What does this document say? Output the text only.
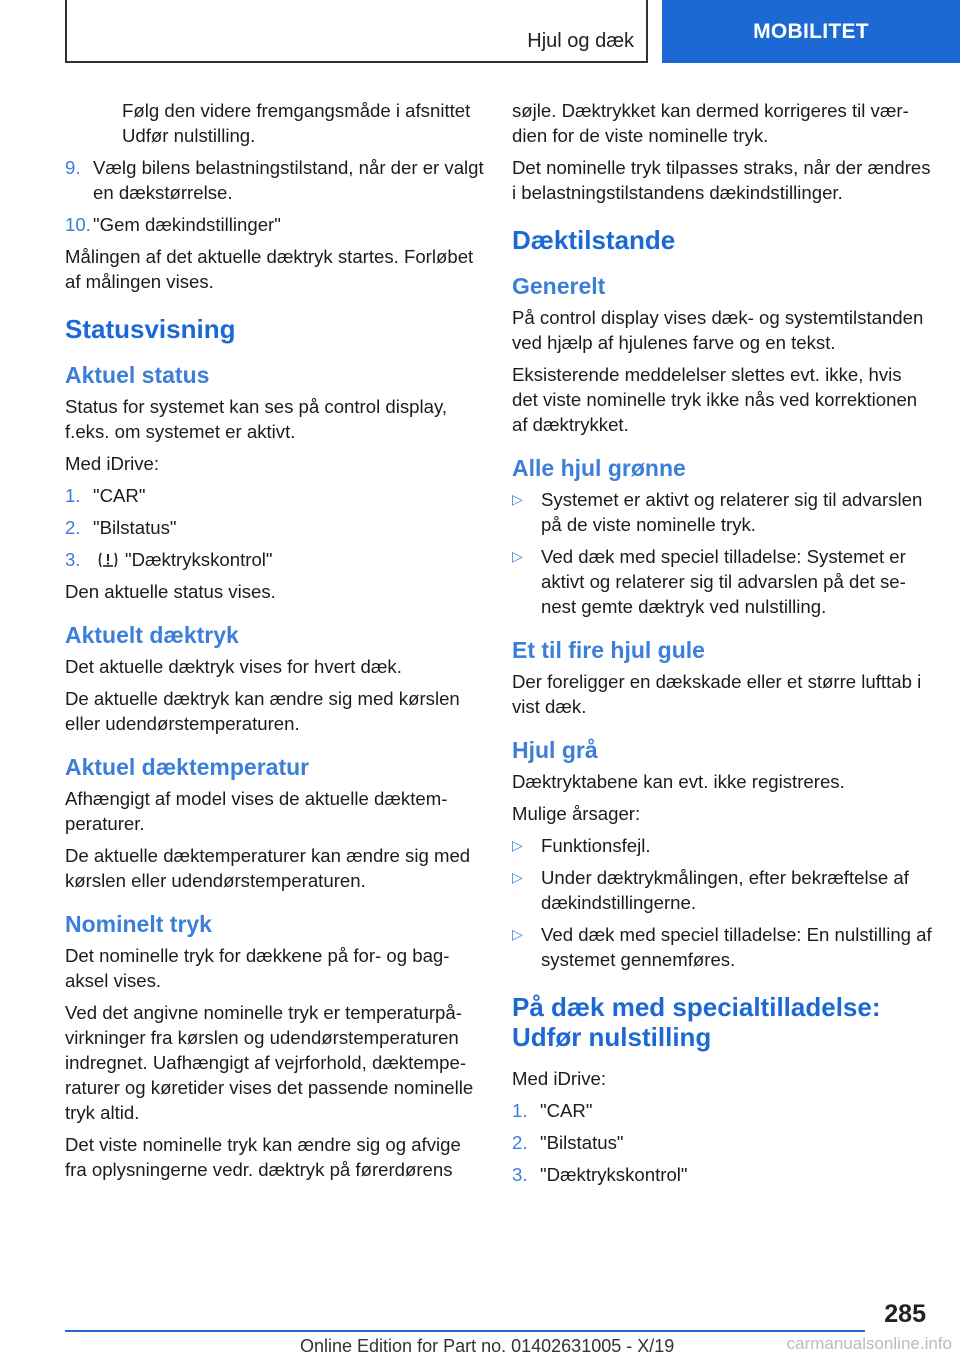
Hjul og dæk	MOBILITET
Følg den videre fremgangsmåde i afsnittet Udfør nulstilling.
9. Vælg bilens belastningstilstand, når der er valgt en dækstørrelse.
10. "Gem dækindstillinger"

Målingen af det aktuelle dæktryk startes. Forløbet af målingen vises.

Statusvisning
Aktuel status

Status for systemet kan ses på control display, f.eks. om systemet er aktivt.

Med iDrive:

1. "CAR"
2. "Bilstatus"
3.	"Dæktrykskontrol"

Den aktuelle status vises.

Aktuelt dæktryk

Det aktuelle dæktryk vises for hvert dæk.

De aktuelle dæktryk kan ændre sig med kørslen eller udendørstemperaturen.

Aktuel dæktemperatur

Afhængigt af model vises de aktuelle dæktemperaturer.

De aktuelle dæktemperaturer kan ændre sig med kørslen eller udendørstemperaturen.

Nominelt tryk

Det nominelle tryk for dækkene på for- og bagaksel vises.

Ved det angivne nominelle tryk er temperaturpåvirkninger fra kørslen og udendørstemperaturen indregnet. Uafhængigt af vejrforhold, dæktemperaturer og køretider vises det passende nominelle tryk altid.

Det viste nominelle tryk kan ændre sig og afvige fra oplysningerne vedr. dæktryk på førerdørens

søjle. Dæktrykket kan dermed korrigeres til værdien for de viste nominelle tryk.

Det nominelle tryk tilpasses straks, når der ændres i belastningstilstandens dækindstillinger.

Dæktilstande
Generelt

På control display vises dæk- og systemtilstanden ved hjælp af hjulenes farve og en tekst.

Eksisterende meddelelser slettes evt. ikke, hvis det viste nominelle tryk ikke nås ved korrektionen af dæktrykket.

Alle hjul grønne
▷ Systemet er aktivt og relaterer sig til advarslen på de viste nominelle tryk.
▷ Ved dæk med speciel tilladelse: Systemet er aktivt og relaterer sig til advarslen på det senest gemte dæktryk ved nulstilling.
Et til fire hjul gule

Der foreligger en dækskade eller et større lufttab i vist dæk.

Hjul grå

Dæktryktabene kan evt. ikke registreres.

Mulige årsager:

▷ Funktionsfejl.
▷ Under dæktrykmålingen, efter bekræftelse af dækindstillingerne.
▷ Ved dæk med speciel tilladelse: En nulstilling af systemet gennemføres.
På dæk med specialtilladelse: Udfør nulstilling

Med iDrive:

1. "CAR"
2. "Bilstatus"
3. "Dæktrykskontrol"
285
Online Edition for Part no. 01402631005 - X/19	carmanualsonline.info
